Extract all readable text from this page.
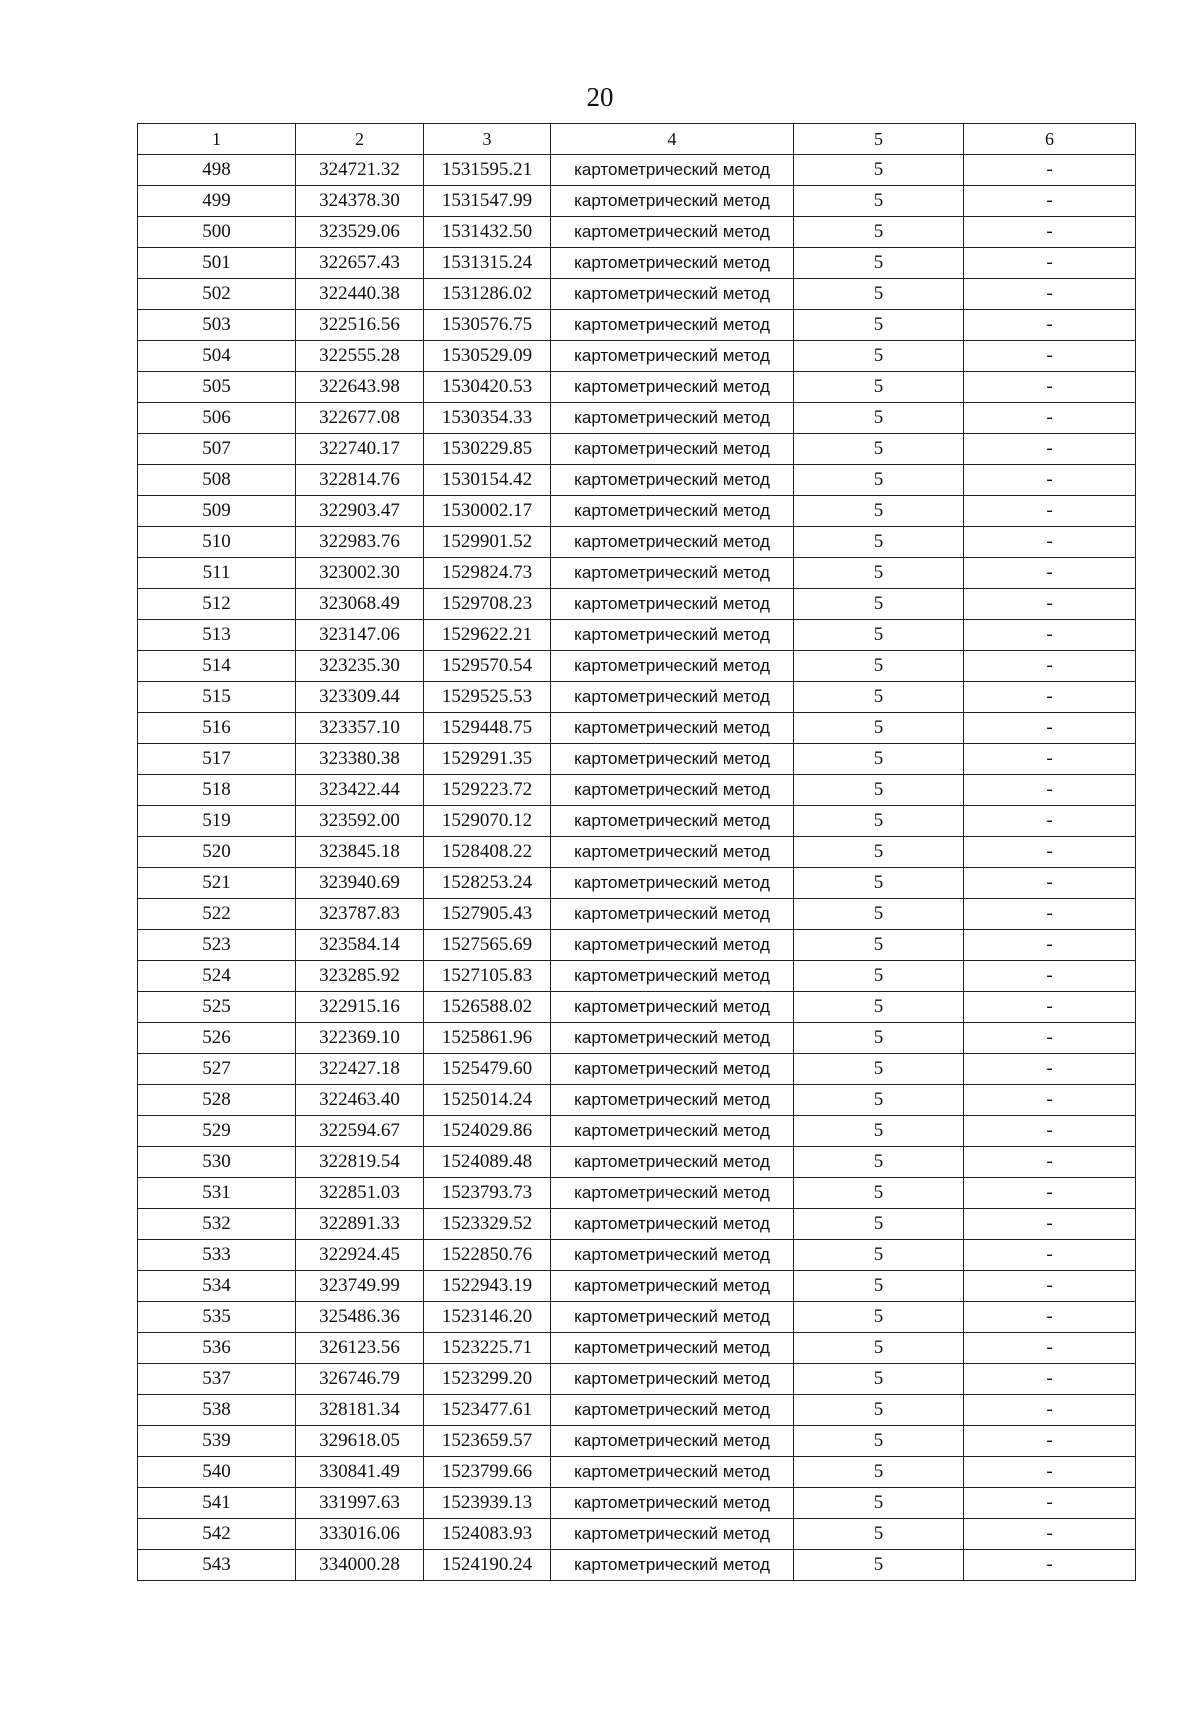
20
1	2	3	4	5	6
498	324721.32	1531595.21	картометрический метод	5	-
499	324378.30	1531547.99	картометрический метод	5	-
500	323529.06	1531432.50	картометрический метод	5	-
501	322657.43	1531315.24	картометрический метод	5	-
502	322440.38	1531286.02	картометрический метод	5	-
503	322516.56	1530576.75	картометрический метод	5	-
504	322555.28	1530529.09	картометрический метод	5	-
505	322643.98	1530420.53	картометрический метод	5	-
506	322677.08	1530354.33	картометрический метод	5	-
507	322740.17	1530229.85	картометрический метод	5	-
508	322814.76	1530154.42	картометрический метод	5	-
509	322903.47	1530002.17	картометрический метод	5	-
510	322983.76	1529901.52	картометрический метод	5	-
511	323002.30	1529824.73	картометрический метод	5	-
512	323068.49	1529708.23	картометрический метод	5	-
513	323147.06	1529622.21	картометрический метод	5	-
514	323235.30	1529570.54	картометрический метод	5	-
515	323309.44	1529525.53	картометрический метод	5	-
516	323357.10	1529448.75	картометрический метод	5	-
517	323380.38	1529291.35	картометрический метод	5	-
518	323422.44	1529223.72	картометрический метод	5	-
519	323592.00	1529070.12	картометрический метод	5	-
520	323845.18	1528408.22	картометрический метод	5	-
521	323940.69	1528253.24	картометрический метод	5	-
522	323787.83	1527905.43	картометрический метод	5	-
523	323584.14	1527565.69	картометрический метод	5	-
524	323285.92	1527105.83	картометрический метод	5	-
525	322915.16	1526588.02	картометрический метод	5	-
526	322369.10	1525861.96	картометрический метод	5	-
527	322427.18	1525479.60	картометрический метод	5	-
528	322463.40	1525014.24	картометрический метод	5	-
529	322594.67	1524029.86	картометрический метод	5	-
530	322819.54	1524089.48	картометрический метод	5	-
531	322851.03	1523793.73	картометрический метод	5	-
532	322891.33	1523329.52	картометрический метод	5	-
533	322924.45	1522850.76	картометрический метод	5	-
534	323749.99	1522943.19	картометрический метод	5	-
535	325486.36	1523146.20	картометрический метод	5	-
536	326123.56	1523225.71	картометрический метод	5	-
537	326746.79	1523299.20	картометрический метод	5	-
538	328181.34	1523477.61	картометрический метод	5	-
539	329618.05	1523659.57	картометрический метод	5	-
540	330841.49	1523799.66	картометрический метод	5	-
541	331997.63	1523939.13	картометрический метод	5	-
542	333016.06	1524083.93	картометрический метод	5	-
543	334000.28	1524190.24	картометрический метод	5	-
